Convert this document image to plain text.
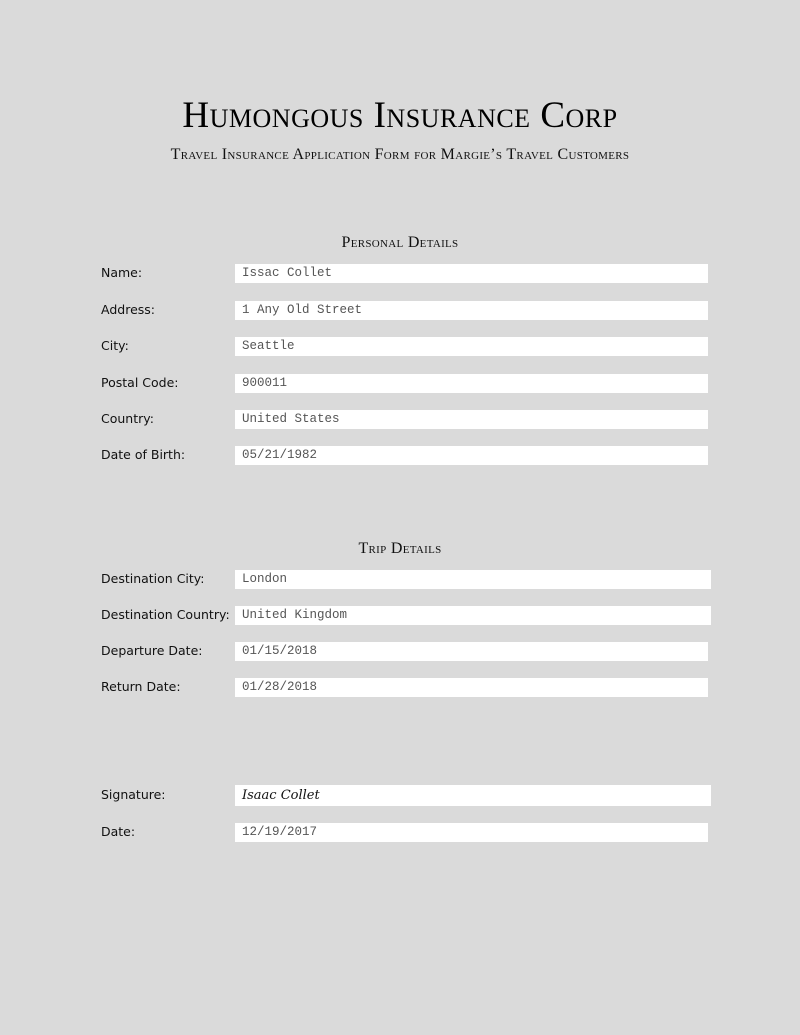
Humongous Insurance Corp
Travel Insurance Application Form for Margie’s Travel Customers
Personal Details
Name:	Issac Collet
Address:	1 Any Old Street
City:	Seattle
Postal Code:	900011
Country:	United States
Date of Birth:	05/21/1982
Trip Details
Destination City:	London
Destination Country: United Kingdom
Departure Date:	01/15/2018
Return Date:	01/28/2018
Signature:	Isaac Collet
Date:	12/19/2017
